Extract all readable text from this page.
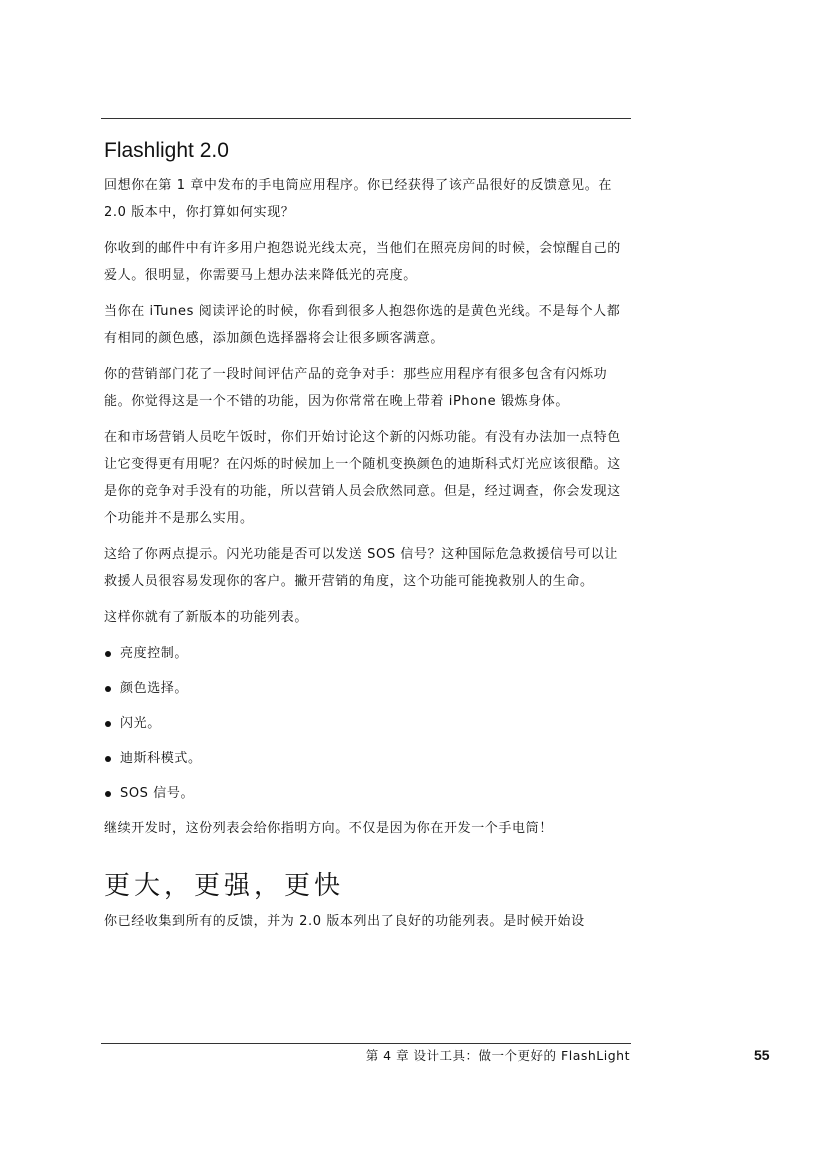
Flashlight 2.0

回想你在第 1 章中发布的手电筒应用程序。你已经获得了该产品很好的反馈意见。在 2.0 版本中，你打算如何实现？

你收到的邮件中有许多用户抱怨说光线太亮，当他们在照亮房间的时候，会惊醒自己的爱人。很明显，你需要马上想办法来降低光的亮度。

当你在 iTunes 阅读评论的时候，你看到很多人抱怨你选的是黄色光线。不是每个人都有相同的颜色感，添加颜色选择器将会让很多顾客满意。

你的营销部门花了一段时间评估产品的竞争对手：那些应用程序有很多包含有闪烁功能。你觉得这是一个不错的功能，因为你常常在晚上带着 iPhone 锻炼身体。

在和市场营销人员吃午饭时，你们开始讨论这个新的闪烁功能。有没有办法加一点特色让它变得更有用呢？在闪烁的时候加上一个随机变换颜色的迪斯科式灯光应该很酷。这是你的竞争对手没有的功能，所以营销人员会欣然同意。但是，经过调查，你会发现这个功能并不是那么实用。

这给了你两点提示。闪光功能是否可以发送 SOS 信号？这种国际危急救援信号可以让救援人员很容易发现你的客户。撇开营销的角度，这个功能可能挽救别人的生命。

这样你就有了新版本的功能列表。

亮度控制。
颜色选择。
闪光。
迪斯科模式。
SOS 信号。

继续开发时，这份列表会给你指明方向。不仅是因为你在开发一个手电筒！

更大，更强，更快

你已经收集到所有的反馈，并为 2.0 版本列出了良好的功能列表。是时候开始设

第 4 章 设计工具：做一个更好的 FlashLight	55
